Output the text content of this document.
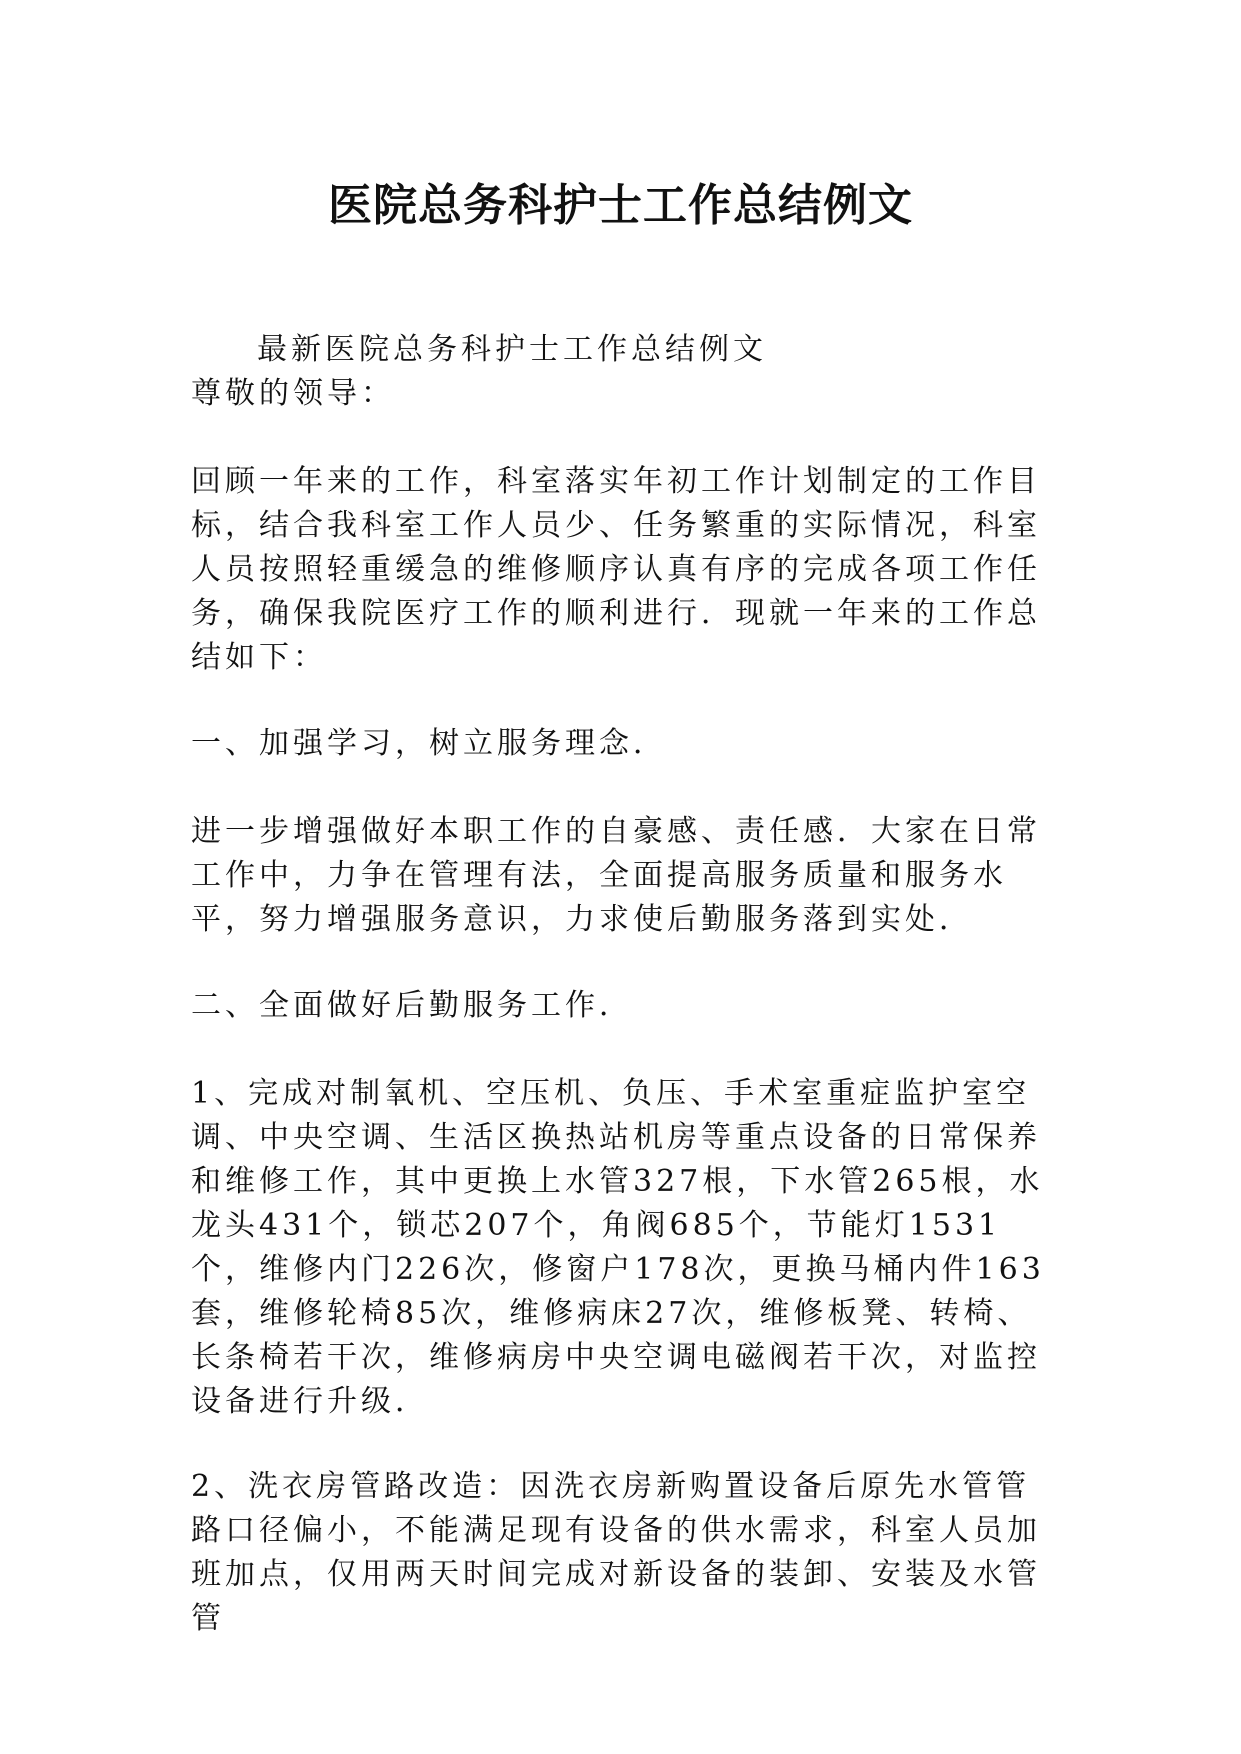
医院总务科护士工作总结例文

最新医院总务科护士工作总结例文

尊敬的领导：

回顾一年来的工作，科室落实年初工作计划制定的工作目标，结合我科室工作人员少、任务繁重的实际情况，科室人员按照轻重缓急的维修顺序认真有序的完成各项工作任务，确保我院医疗工作的顺利进行．现就一年来的工作总结如下：

一、加强学习，树立服务理念．

进一步增强做好本职工作的自豪感、责任感．大家在日常工作中，力争在管理有法，全面提高服务质量和服务水平，努力增强服务意识，力求使后勤服务落到实处．

二、全面做好后勤服务工作．

1、完成对制氧机、空压机、负压、手术室重症监护室空调、中央空调、生活区换热站机房等重点设备的日常保养和维修工作，其中更换上水管327根，下水管265根，水龙头431个，锁芯207个，角阀685个，节能灯1531个，维修内门226次，修窗户178次，更换马桶内件163套，维修轮椅85次，维修病床27次，维修板凳、转椅、长条椅若干次，维修病房中央空调电磁阀若干次，对监控设备进行升级．

2、洗衣房管路改造：因洗衣房新购置设备后原先水管管路口径偏小，不能满足现有设备的供水需求，科室人员加班加点，仅用两天时间完成对新设备的装卸、安装及水管管
